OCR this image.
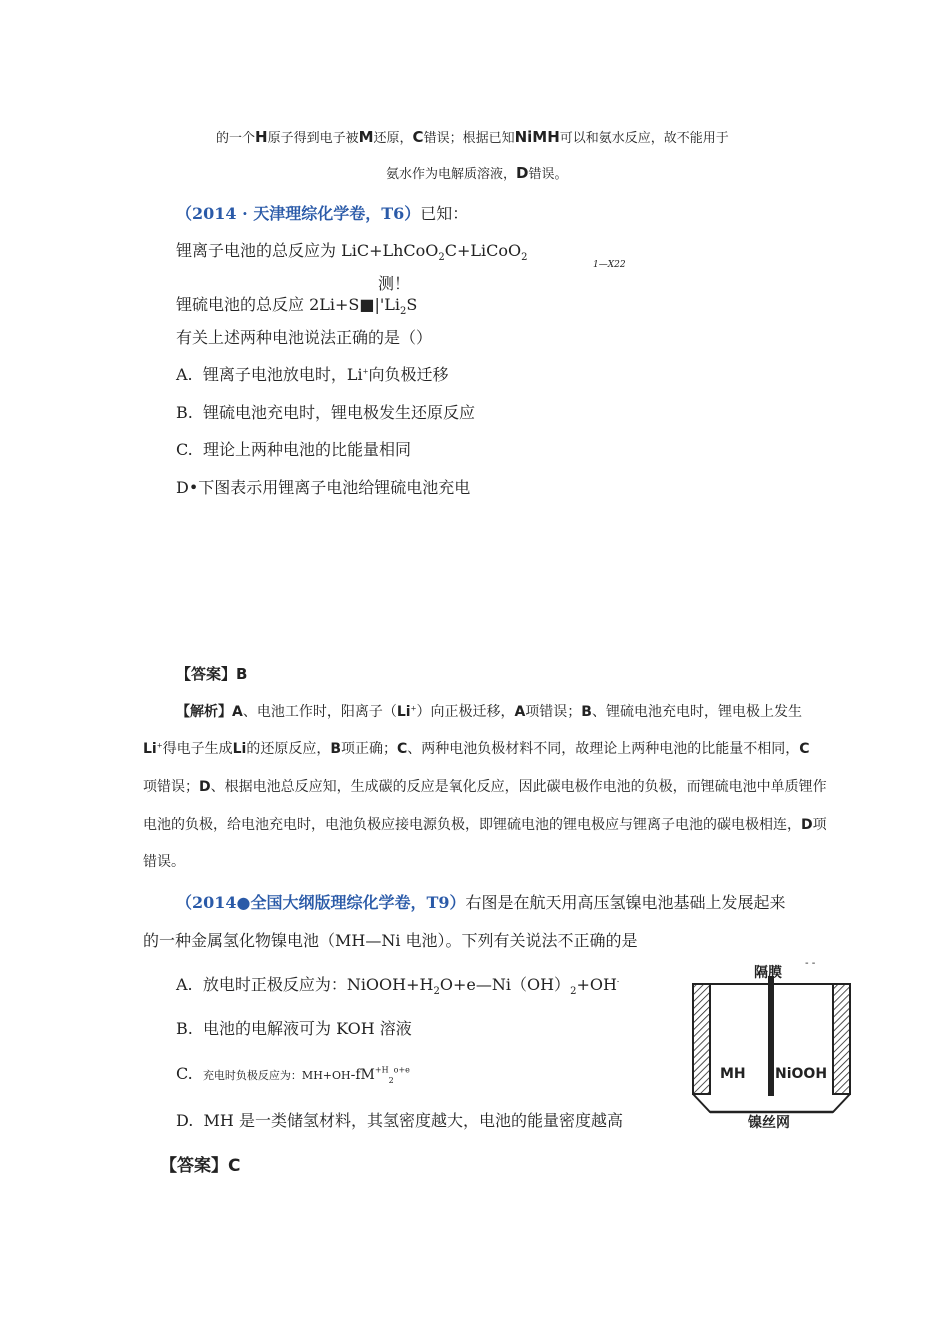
的一个H原子得到电子被M还原，C错误；根据已知NiMH可以和氨水反应，故不能用于
氨水作为电解质溶液，D错误。
（2014 · 天津理综化学卷，T6）已知：
锂离子电池的总反应为 LiC+LhCoO$_2$C+LiCoO$_2$
1—X22
测！
锂硫电池的总反应 $2Li+S■|'Li_2S$
有关上述两种电池说法正确的是（）
A. 锂离子电池放电时，Li+向负极迁移
B. 锂硫电池充电时，锂电极发生还原反应
C. 理论上两种电池的比能量相同
D•下图表示用锂离子电池给锂硫电池充电
【答案】B
【解析】A、电池工作时，阳离子（Li+）向正极迁移，A项错误；B、锂硫电池充电时，锂电极上发生
Li+得电子生成Li的还原反应，B项正确；C、两种电池负极材料不同，故理论上两种电池的比能量不相同，C
项错误；D、根据电池总反应知，生成碳的反应是氧化反应，因此碳电极作电池的负极，而锂硫电池中单质锂作
电池的负极，给电池充电时，电池负极应接电源负极，即锂硫电池的锂电极应与锂离子电池的碳电极相连，D项
错误。
（2014●全国大纲版理综化学卷，T9）右图是在航天用高压氢镍电池基础上发展起来
的一种金属氢化物镍电池（MH—Ni 电池）。下列有关说法不正确的是
A. 放电时正极反应为：$NiOOH+H_2O+e—Ni(OH)_2+OH^-$
B. 电池的电解液可为 KOH 溶液
C. 充电时负极反应为：$MH+OH-fM^{+H}_2^{o+e}$
D. MH 是一类储氢材料，其氢密度越大，电池的能量密度越高
隔膜
- -
MH NiOOH
镍丝网
【答案】C
